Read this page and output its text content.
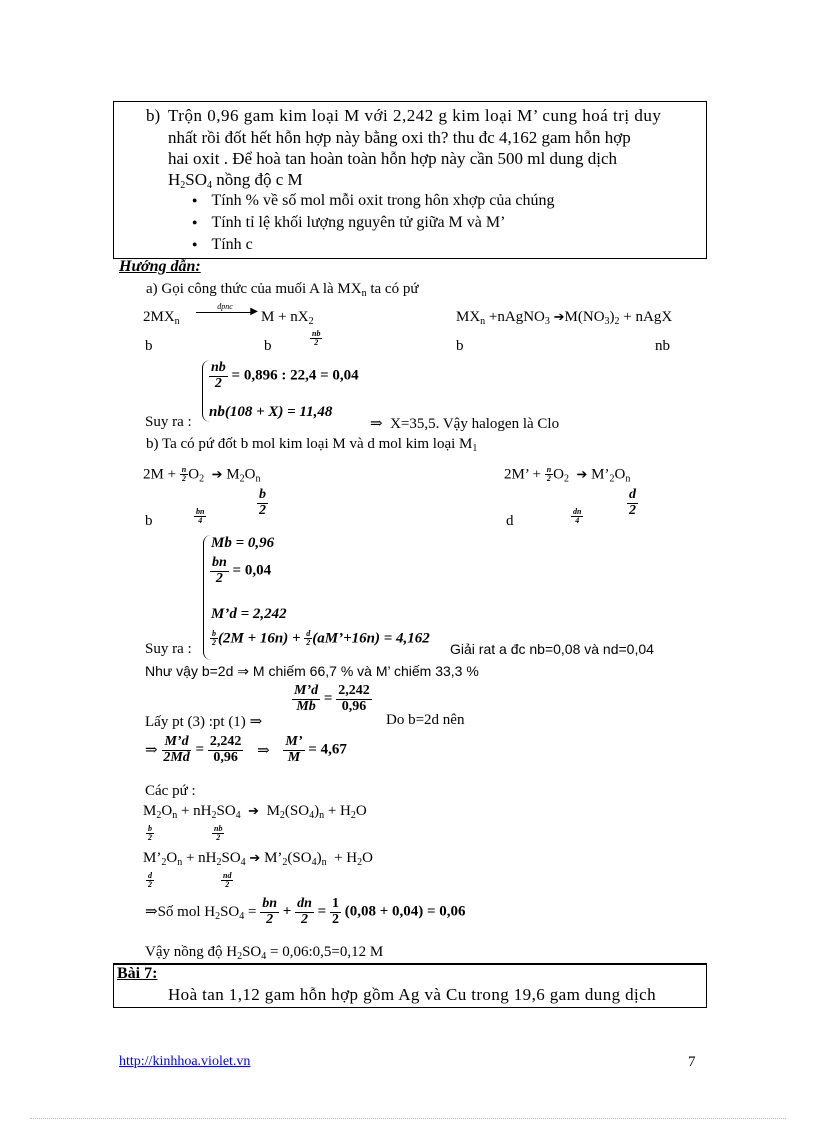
b) Trộn 0,96 gam kim loại M với 2,242 g kim loại M’ cung hoá trị duy
nhất rồi đốt hết hỗn hợp này bằng oxi th? thu đc 4,162 gam hỗn hợp
hai oxit . Để hoà tan hoàn toàn hỗn hợp này cần 500 ml dung dịch
$H_2SO_4$ nồng độ c M
● Tính % về số mol mỗi oxit trong hôn xhợp của chúng
● Tính tỉ lệ khối lượng nguyên tử giữa M và M’
● Tính c
Hướng dẫn:
a) Gọi công thức của muối A là $MX_n$ ta có pứ
$2MX_n$
đpnc	▶ $M + nX_2$	$MX_n$ +nAgNO$_3$ $➔M(NO_3)_2$ + nAgX
b	b	$\frac{nb}{2}$	b	nb
$\frac{nb}{2} = 0,896$ : 22,4 = 0,04
nb(108 + X) = 11,48
Suy ra :	⇒  X=35,5. Vậy halogen là Clo
b) Ta có pứ đốt b mol kim loại M và d mol kim loại $M_1$
$2M + \frac{n}{2} O_2$ ➔ $M_2O_n$	2M’ + $\frac{n}{2} O_2$ ➔ $M’_2O_n$
b	$\frac{bn}{4}$	$\frac{b}{2}$
d	$\frac{dn}{4}$	$\frac{d}{2}$
Mb = 0,96
$\frac{bn}{2} = 0,04$
M’d = 2,242
$\frac{b}{2} (2M + 16n) + \frac{d}{2}$ (aM’+16n) = 4,162
Suy ra :	Giải rat a đc nb=0,08 và nd=0,04
Như vậy b=2d ⇒ M chiếm 66,7 % và M’ chiếm 33,3 %
Lấy pt (3) :pt (1) ⇒
$\frac{M’d}{Mb} = \frac{2,242}{0,96}$
Do b=2d nên
⇒ $\frac{M’d}{2Md} = \frac{2,242}{0,96}$ ⇒ $\frac{M’}{M} = 4,67$
Các pứ :
$M_2O_n + nH_2SO_4$ ➔ $M_2(SO_4)_n + H_2O$
$\frac{b}{2}$	$\frac{nb}{2}$
$M’_2O_n + nH_2SO_4$ ➔ $M’_2(SO_4)_n + H_2O$
$\frac{d}{2}$	$\frac{nd}{2}$
⇒Số mol $H_2SO_4 = \frac{bn}{2} + \frac{dn}{2} = \frac{1}{2} (0,08 + 0,04) = 0,06$
Vậy nồng độ $H_2SO_4$ = 0,06:0,5=0,12 M
Bài 7:
Hoà tan 1,12 gam hỗn hợp gồm Ag và Cu trong 19,6 gam dung dịch
http://kinhhoa.violet.vn	7
